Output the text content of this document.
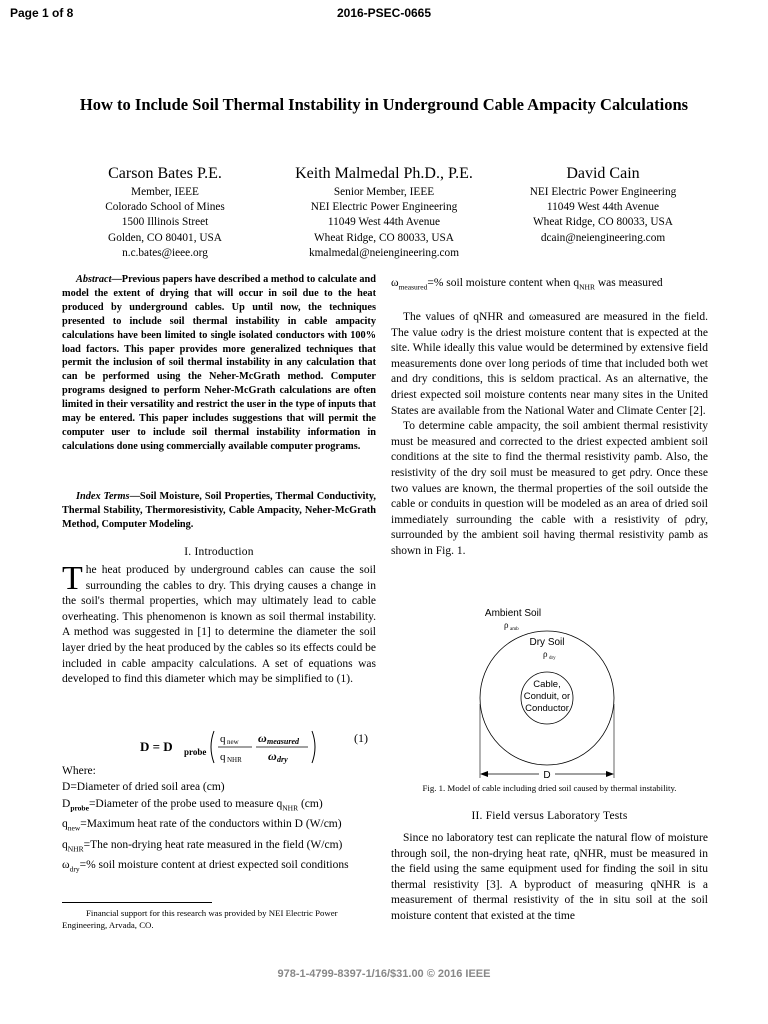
Page 1 of 8	2016-PSEC-0665
How to Include Soil Thermal Instability in Underground Cable Ampacity Calculations
Carson Bates P.E.
Member, IEEE
Colorado School of Mines
1500 Illinois Street
Golden, CO 80401, USA
n.c.bates@ieee.org
Keith Malmedal Ph.D., P.E.
Senior Member, IEEE
NEI Electric Power Engineering
11049 West 44th Avenue
Wheat Ridge, CO 80033, USA
kmalmedal@neiengineering.com
David Cain
NEI Electric Power Engineering
11049 West 44th Avenue
Wheat Ridge, CO 80033, USA
dcain@neiengineering.com
Abstract—Previous papers have described a method to calculate and model the extent of drying that will occur in soil due to the heat produced by underground cables. Up until now, the techniques presented to include soil thermal instability in cable ampacity calculations have been limited to single isolated conductors with 100% load factors. This paper provides more generalized techniques that permit the inclusion of soil thermal instability in any calculation that can be performed using the Neher-McGrath method. Computer programs designed to perform Neher-McGrath calculations are often limited in their versatility and restrict the user in the type of inputs that may be entered. This paper includes suggestions that will permit the computer user to include soil thermal instability information in calculations done using commercially available computer programs.
Index Terms—Soil Moisture, Soil Properties, Thermal Conductivity, Thermal Stability, Thermoresistivity, Cable Ampacity, Neher-McGrath Method, Computer Modeling.
I. Introduction
The heat produced by underground cables can cause the soil surrounding the cables to dry. This drying causes a change in the soil's thermal properties, which may ultimately lead to cable overheating. This phenomenon is known as soil thermal instability. A method was suggested in [1] to determine the diameter the soil layer dried by the heat produced by the cables so its effects could be included in cable ampacity calculations. A set of equations was developed to find this diameter which may be simplified to (1).
D = D probe
q new
q NHR
ω measured
ω dry
(1)
Where:
D=Diameter of dried soil area (cm)
$D_{probe}=Diameter$ of the probe used to measure $q_{NHR}$ (cm)
$q_{new}=Maximum$ heat rate of the conductors within D (W/cm)
$q_{NHR}=The$ non-drying heat rate measured in the field (W/cm)
$\omega_{dry}=\%$ soil moisture content at driest expected soil conditions
Financial support for this research was provided by NEI Electric Power Engineering, Arvada, CO.
$\omega_{measured}=\%$ soil moisture content when $q_{NHR}$ was measured

The values of qNHR and ωmeasured are measured in the field. The value ωdry is the driest moisture content that is expected at the site. While ideally this value would be determined by extensive field measurements done over long periods of time that included both wet and dry conditions, this is seldom practical. As an alternative, the driest expected soil moisture contents near many sites in the United States are available from the National Water and Climate Center [2].

To determine cable ampacity, the soil ambient thermal resistivity must be measured and corrected to the driest expected ambient soil conditions at the site to find the thermal resistivity ρamb. Also, the resistivity of the dry soil must be measured to get ρdry. Once these two values are known, the thermal properties of the soil outside the cable or conduits in question will be modeled as an area of dried soil immediately surrounding the cable with a resistivity of ρdry, surrounded by the ambient soil having thermal resistivity ρamb as shown in Fig. 1.

Ambient Soil
ρ amb
Dry Soil
ρ dry
Cable,
Conduit, or
Conductor
D
Fig. 1. Model of cable including dried soil caused by thermal instability.
II. Field versus Laboratory Tests
Since no laboratory test can replicate the natural flow of moisture through soil, the non-drying heat rate, qNHR, must be measured in the field using the same equipment used for finding the soil in situ thermal resistivity [3]. A byproduct of measuring qNHR is a measurement of thermal resistivity of the in situ soil at the soil moisture content that existed at the time
978-1-4799-8397-1/16/$31.00 © 2016 IEEE
